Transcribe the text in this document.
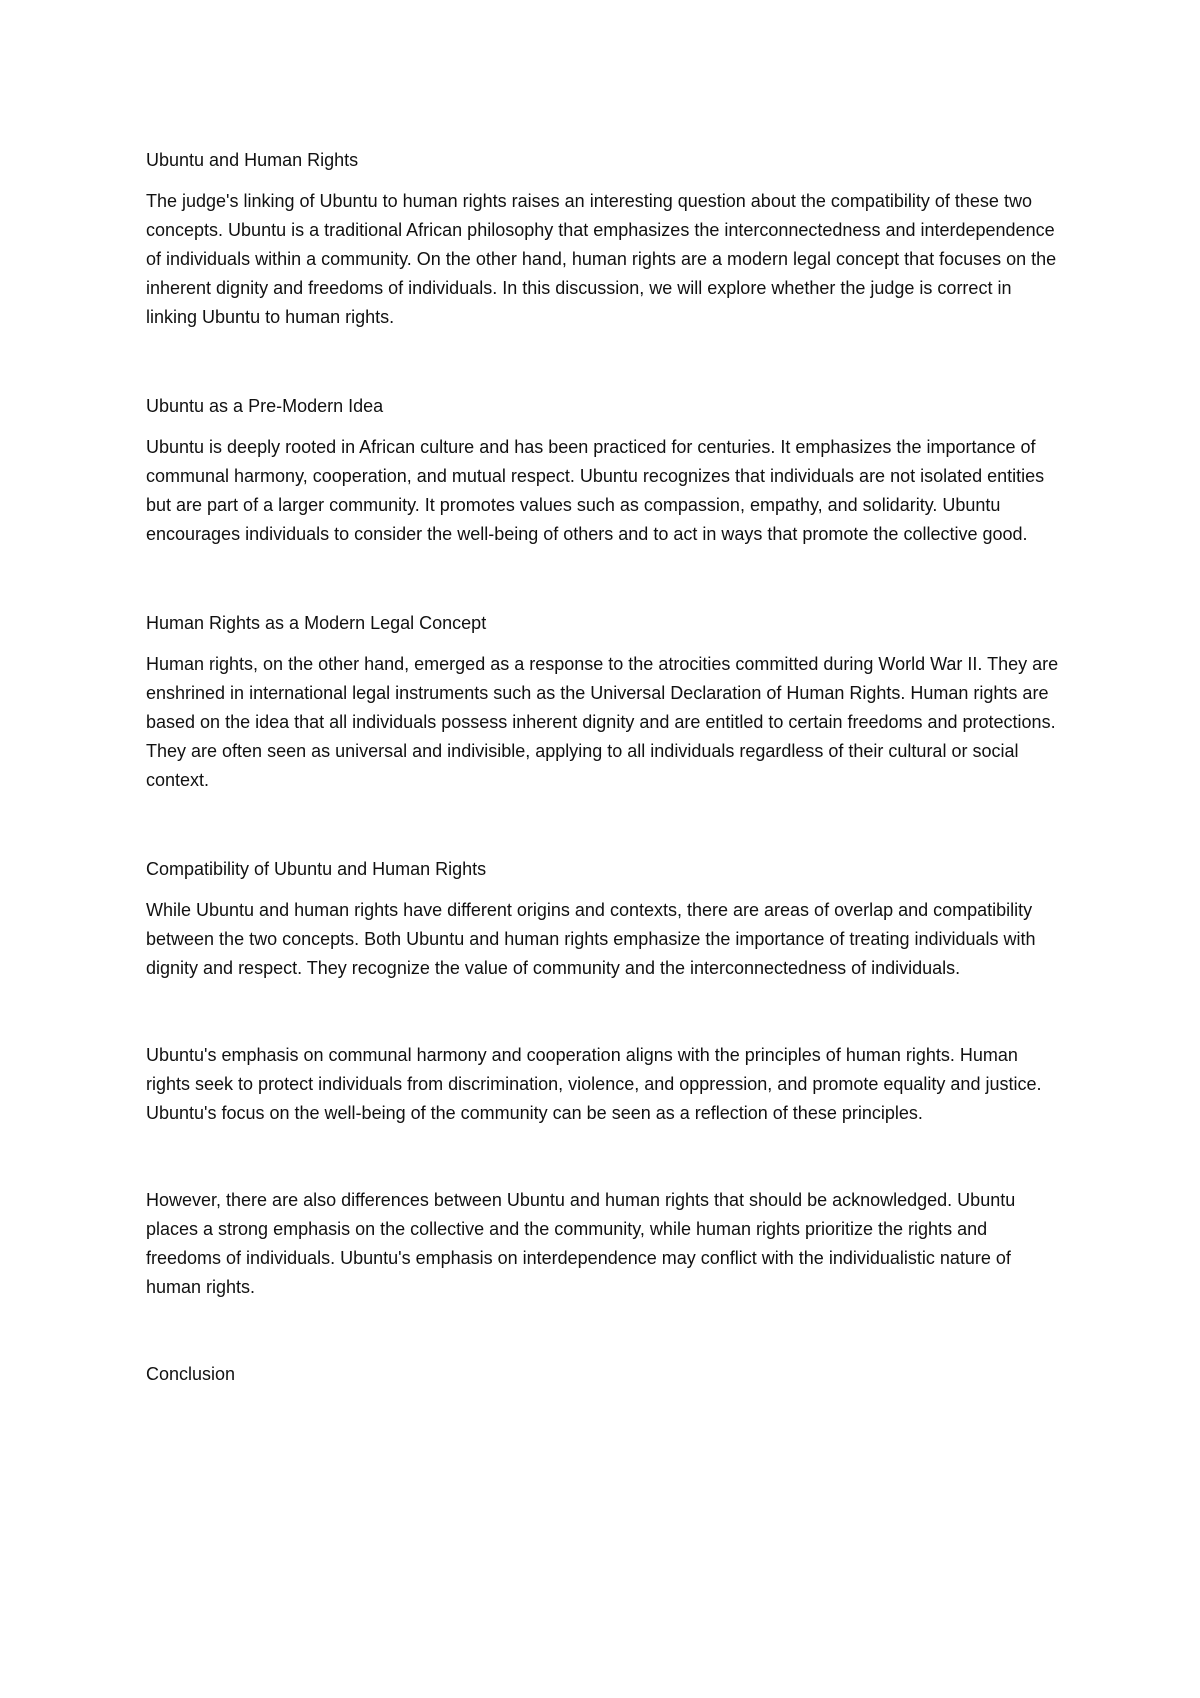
Ubuntu and Human Rights

The judge's linking of Ubuntu to human rights raises an interesting question about the compatibility of these two concepts. Ubuntu is a traditional African philosophy that emphasizes the interconnectedness and interdependence of individuals within a community. On the other hand, human rights are a modern legal concept that focuses on the inherent dignity and freedoms of individuals. In this discussion, we will explore whether the judge is correct in linking Ubuntu to human rights.

Ubuntu as a Pre-Modern Idea

Ubuntu is deeply rooted in African culture and has been practiced for centuries. It emphasizes the importance of communal harmony, cooperation, and mutual respect. Ubuntu recognizes that individuals are not isolated entities but are part of a larger community. It promotes values such as compassion, empathy, and solidarity. Ubuntu encourages individuals to consider the well-being of others and to act in ways that promote the collective good.

Human Rights as a Modern Legal Concept

Human rights, on the other hand, emerged as a response to the atrocities committed during World War II. They are enshrined in international legal instruments such as the Universal Declaration of Human Rights. Human rights are based on the idea that all individuals possess inherent dignity and are entitled to certain freedoms and protections. They are often seen as universal and indivisible, applying to all individuals regardless of their cultural or social context.

Compatibility of Ubuntu and Human Rights

While Ubuntu and human rights have different origins and contexts, there are areas of overlap and compatibility between the two concepts. Both Ubuntu and human rights emphasize the importance of treating individuals with dignity and respect. They recognize the value of community and the interconnectedness of individuals.

Ubuntu's emphasis on communal harmony and cooperation aligns with the principles of human rights. Human rights seek to protect individuals from discrimination, violence, and oppression, and promote equality and justice. Ubuntu's focus on the well-being of the community can be seen as a reflection of these principles.

However, there are also differences between Ubuntu and human rights that should be acknowledged. Ubuntu places a strong emphasis on the collective and the community, while human rights prioritize the rights and freedoms of individuals. Ubuntu's emphasis on interdependence may conflict with the individualistic nature of human rights.

Conclusion
